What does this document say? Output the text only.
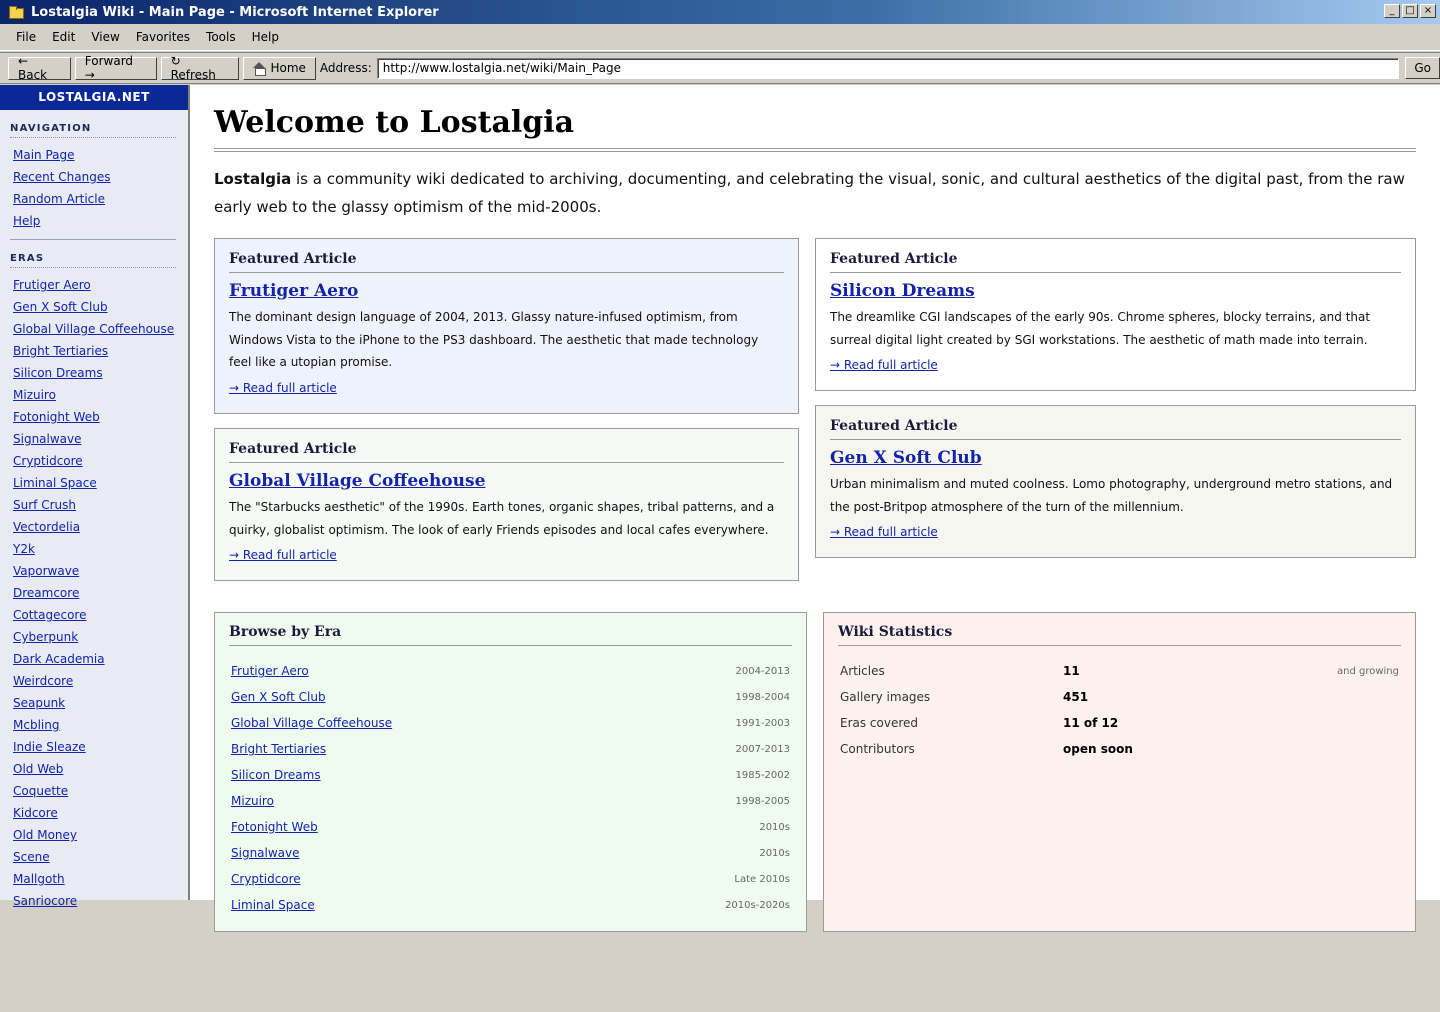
Lostalgia Wiki - Main Page - Microsoft Internet Explorer	_	□ ×
File	Edit	View	Favorites	Tools	Help
← Back
Forward →
↻ Refresh	Home Address:
http://www.lostalgia.net/wiki/Main_Page	Go
LOSTALGIA.NET
NAVIGATION
Main Page
Recent Changes
Random Article
Help
ERAS
Frutiger Aero
Gen X Soft Club
Global Village Coffeehouse
Bright Tertiaries
Silicon Dreams
Mizuiro
Fotonight Web
Signalwave
Cryptidcore
Liminal Space
Surf Crush
Vectordelia
Y2k
Vaporwave
Dreamcore
Cottagecore
Cyberpunk
Dark Academia
Weirdcore
Seapunk
Mcbling
Indie Sleaze
Old Web
Coquette
Kidcore
Old Money
Scene
Mallgoth
Sanriocore
Welcome to Lostalgia

Lostalgia is a community wiki dedicated to archiving, documenting, and celebrating the visual, sonic, and cultural aesthetics of the digital past, from the raw early web to the glassy optimism of the mid-2000s.

Featured Article
Frutiger Aero

The dominant design language of 2004, 2013. Glassy nature-infused optimism, from Windows Vista to the iPhone to the PS3 dashboard. The aesthetic that made technology feel like a utopian promise.

→ Read full article
Featured Article
Silicon Dreams

The dreamlike CGI landscapes of the early 90s. Chrome spheres, blocky terrains, and that surreal digital light created by SGI workstations. The aesthetic of math made into terrain.

→ Read full article
Featured Article
Global Village Coffeehouse

The "Starbucks aesthetic" of the 1990s. Earth tones, organic shapes, tribal patterns, and a quirky, globalist optimism. The look of early Friends episodes and local cafes everywhere.

→ Read full article
Featured Article
Gen X Soft Club

Urban minimalism and muted coolness. Lomo photography, underground metro stations, and the post-Britpop atmosphere of the turn of the millennium.

→ Read full article
Browse by Era
Frutiger Aero	2004-2013
Gen X Soft Club	1998-2004
Global Village Coffeehouse	1991-2003
Bright Tertiaries	2007-2013
Silicon Dreams	1985-2002
Mizuiro	1998-2005
Fotonight Web	2010s
Signalwave	2010s
Cryptidcore	Late 2010s
Liminal Space	2010s-2020s
Wiki Statistics
Articles	11	and growing
Gallery images	451
Eras covered	11 of 12
Contributors	open soon
